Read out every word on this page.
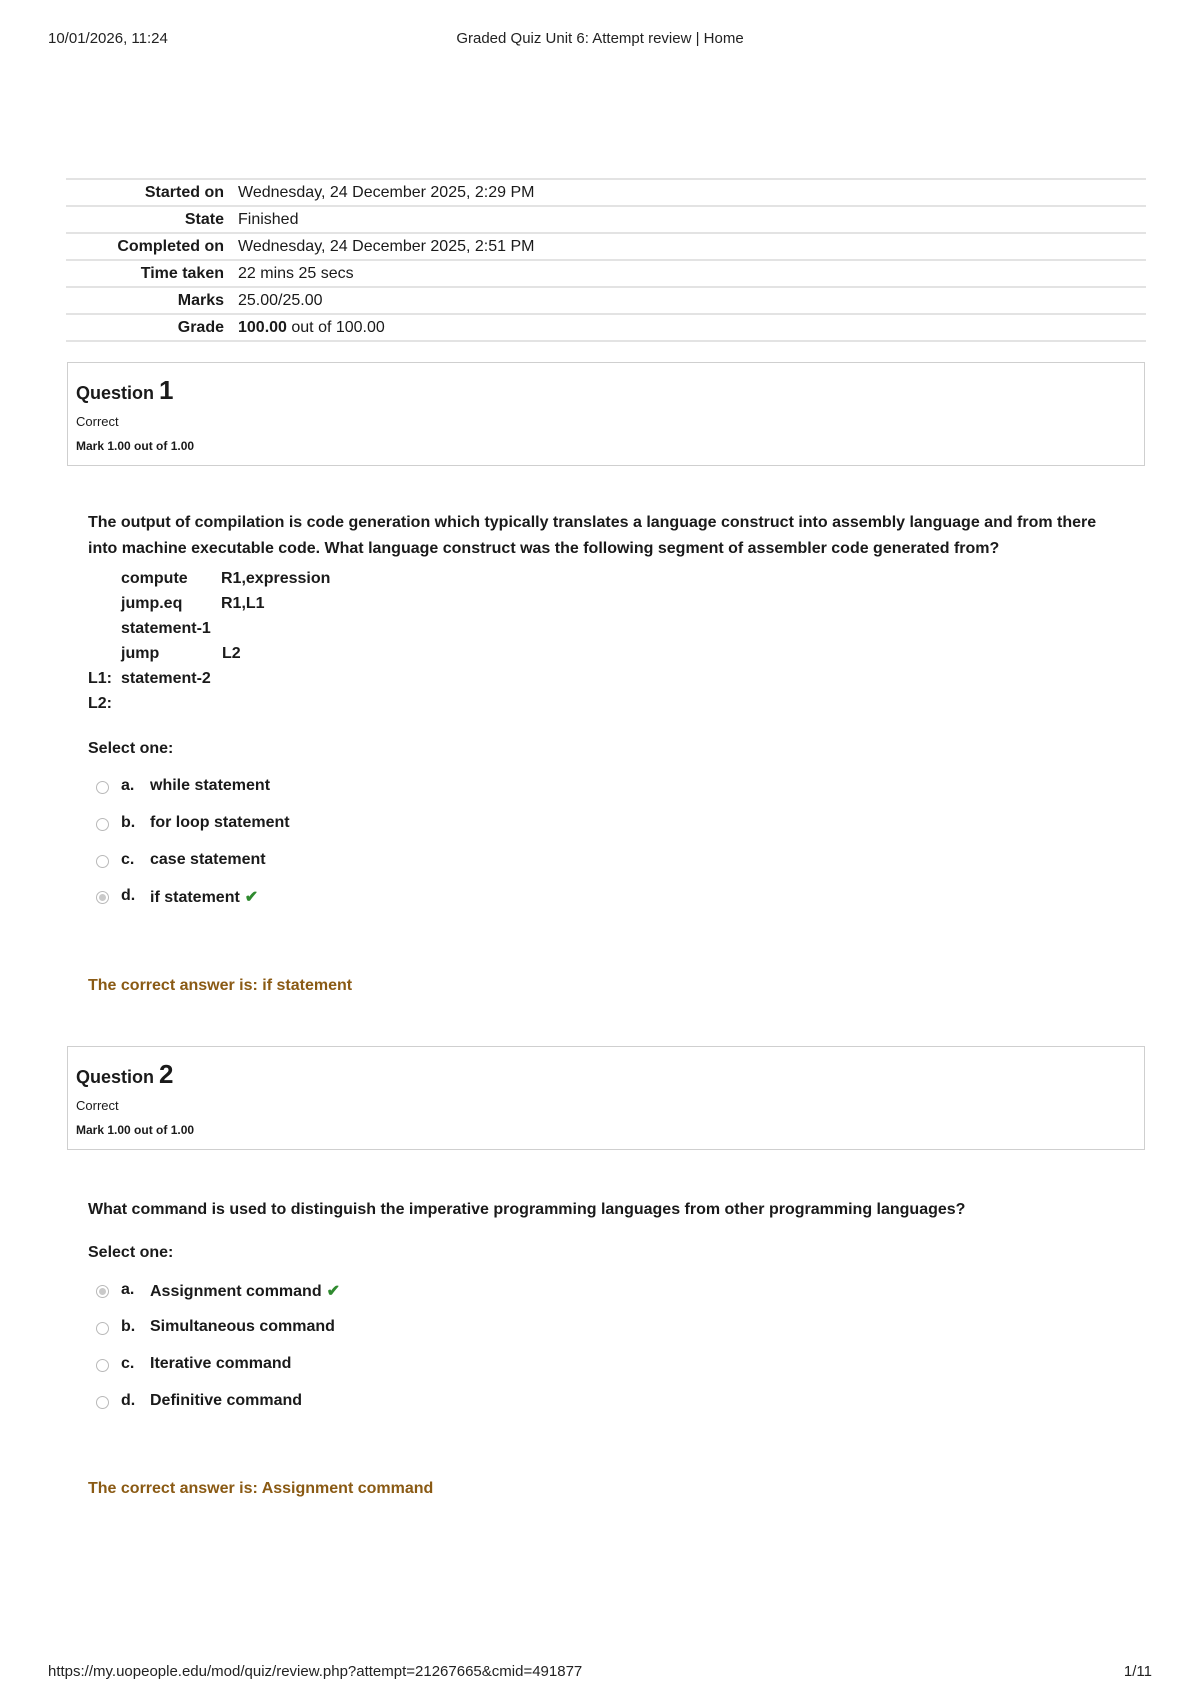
10/01/2026, 11:24	Graded Quiz Unit 6: Attempt review | Home
Started on	Wednesday, 24 December 2025, 2:29 PM
State	Finished
Completed on	Wednesday, 24 December 2025, 2:51 PM
Time taken	22 mins 25 secs
Marks	25.00/25.00
Grade	100.00 out of 100.00
Question 1
Correct
Mark 1.00 out of 1.00
The output of compilation is code generation which typically translates a language construct into assembly language and from there into machine executable code. What language construct was the following segment of assembler code generated from?
compute R1,expression
jump.eq R1,L1
statement-1
jump	L2
L1: statement-2
L2:
Select one:
a. while statement
b. for loop statement
c. case statement
d. if statement ✔
The correct answer is: if statement
Question 2
Correct
Mark 1.00 out of 1.00
What command is used to distinguish the imperative programming languages from other programming languages?
Select one:
a. Assignment command ✔
b. Simultaneous command
c. Iterative command
d. Definitive command
The correct answer is: Assignment command
https://my.uopeople.edu/mod/quiz/review.php?attempt=21267665&cmid=491877	1/11
